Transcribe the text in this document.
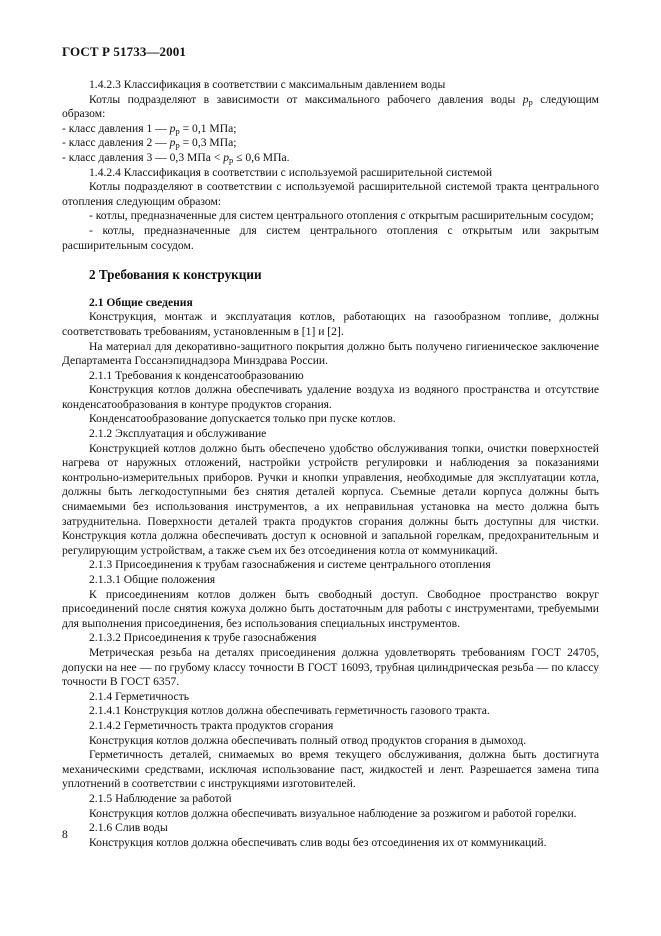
ГОСТ Р 51733—2001

1.4.2.3 Классификация в соответствии с максимальным давлением воды

Котлы подразделяют в зависимости от максимального рабочего давления воды $p_р$ следующим образом:

- класс давления 1 — $p_р = 0,1$ МПа;

- класс давления 2 — $p_р = 0,3$ МПа;

- класс давления 3 — 0,3 МПа < $p_р \le 0,6$ МПа.

1.4.2.4 Классификация в соответствии с используемой расширительной системой

Котлы подразделяют в соответствии с используемой расширительной системой тракта центрального отопления следующим образом:

- котлы, предназначенные для систем центрального отопления с открытым расширительным сосудом;

- котлы, предназначенные для систем центрального отопления с открытым или закрытым расширительным сосудом.

2 Требования к конструкции

2.1 Общие сведения

Конструкция, монтаж и эксплуатация котлов, работающих на газообразном топливе, должны соответствовать требованиям, установленным в [1] и [2].

На материал для декоративно-защитного покрытия должно быть получено гигиеническое заключение Департамента Госсанэпиднадзора Минздрава России.

2.1.1 Требования к конденсатообразованию

Конструкция котлов должна обеспечивать удаление воздуха из водяного пространства и отсутствие конденсатообразования в контуре продуктов сгорания.

Конденсатообразование допускается только при пуске котлов.

2.1.2 Эксплуатация и обслуживание

Конструкцией котлов должно быть обеспечено удобство обслуживания топки, очистки поверхностей нагрева от наружных отложений, настройки устройств регулировки и наблюдения за показаниями контрольно-измерительных приборов. Ручки и кнопки управления, необходимые для эксплуатации котла, должны быть легкодоступными без снятия деталей корпуса. Съемные детали корпуса должны быть снимаемыми без использования инструментов, а их неправильная установка на место должна быть затруднительна. Поверхности деталей тракта продуктов сгорания должны быть доступны для чистки. Конструкция котла должна обеспечивать доступ к основной и запальной горелкам, предохранительным и регулирующим устройствам, а также съем их без отсоединения котла от коммуникаций.

2.1.3 Присоединения к трубам газоснабжения и системе центрального отопления

2.1.3.1 Общие положения

К присоединениям котлов должен быть свободный доступ. Свободное пространство вокруг присоединений после снятия кожуха должно быть достаточным для работы с инструментами, требуемыми для выполнения присоединения, без использования специальных инструментов.

2.1.3.2 Присоединения к трубе газоснабжения

Метрическая резьба на деталях присоединения должна удовлетворять требованиям ГОСТ 24705, допуски на нее — по грубому классу точности В ГОСТ 16093, трубная цилиндрическая резьба — по классу точности В ГОСТ 6357.

2.1.4 Герметичность

2.1.4.1 Конструкция котлов должна обеспечивать герметичность газового тракта.

2.1.4.2 Герметичность тракта продуктов сгорания

Конструкция котлов должна обеспечивать полный отвод продуктов сгорания в дымоход.

Герметичность деталей, снимаемых во время текущего обслуживания, должна быть достигнута механическими средствами, исключая использование паст, жидкостей и лент. Разрешается замена типа уплотнений в соответствии с инструкциями изготовителей.

2.1.5 Наблюдение за работой

Конструкция котлов должна обеспечивать визуальное наблюдение за розжигом и работой горелки.

2.1.6 Слив воды

Конструкция котлов должна обеспечивать слив воды без отсоединения их от коммуникаций.

8
